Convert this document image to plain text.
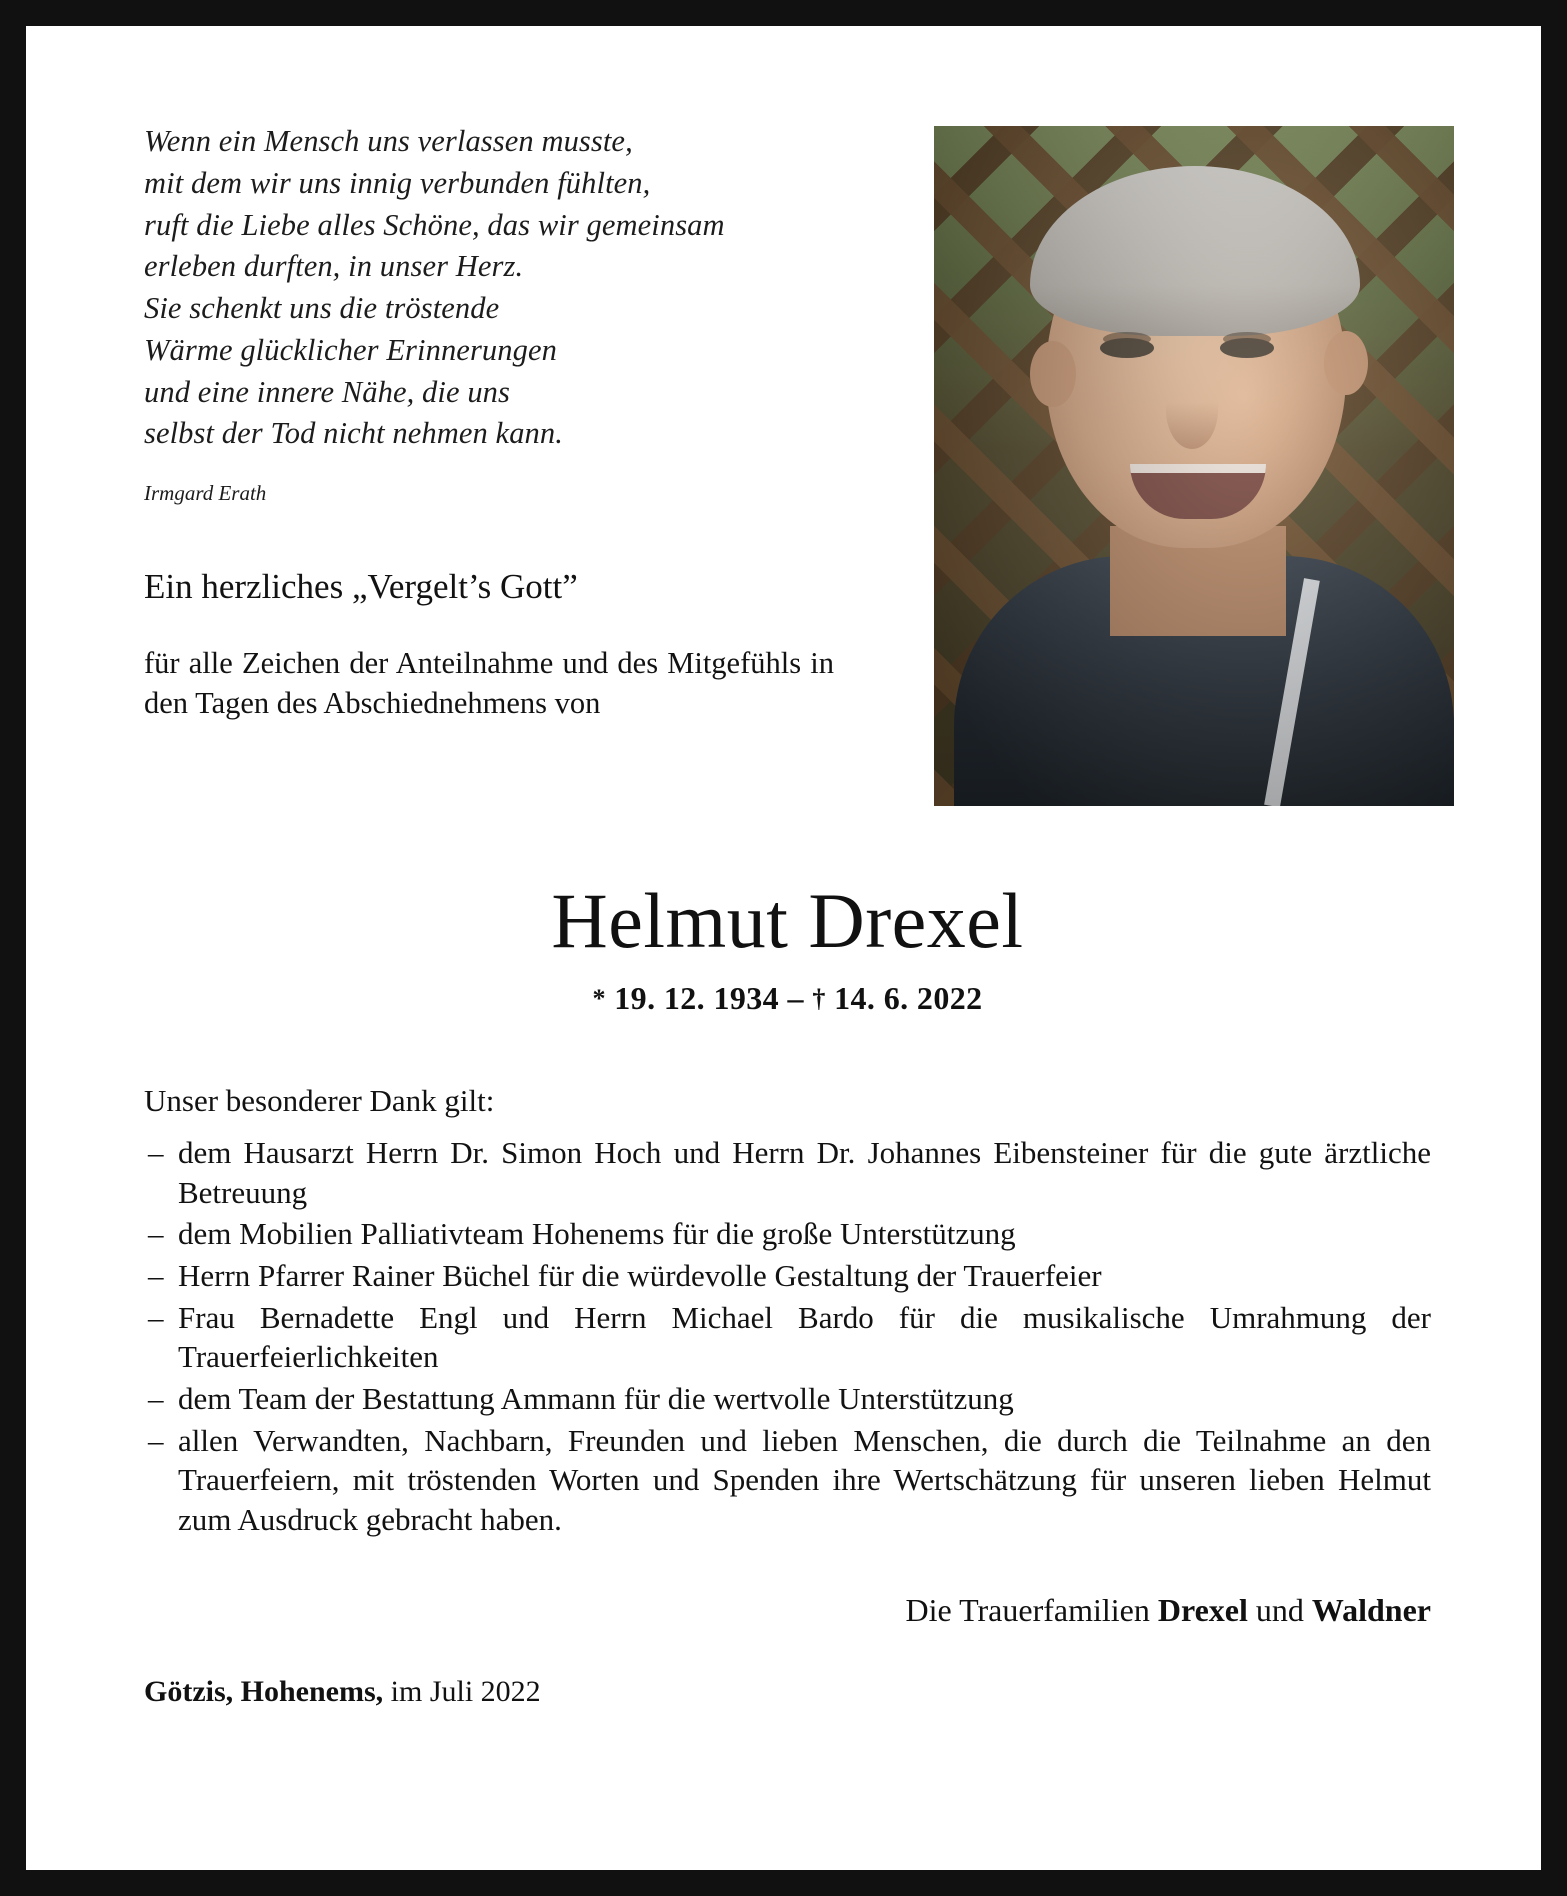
Wenn ein Mensch uns verlassen musste,
mit dem wir uns innig verbunden fühlten,
ruft die Liebe alles Schöne, das wir gemeinsam
erleben durften, in unser Herz.
Sie schenkt uns die tröstende
Wärme glücklicher Erinnerungen
und eine innere Nähe, die uns
selbst der Tod nicht nehmen kann.
Irmgard Erath
Ein herzliches „Vergelt’s Gott”
für alle Zeichen der Anteilnahme und des Mitgefühls in den Tagen des Abschiednehmens von
Helmut Drexel
* 19. 12. 1934 – † 14. 6. 2022
Unser besonderer Dank gilt:
– dem Hausarzt Herrn Dr. Simon Hoch und Herrn Dr. Johannes Eibensteiner für die gute ärztliche Betreuung
– dem Mobilien Palliativteam Hohenems für die große Unterstützung
– Herrn Pfarrer Rainer Büchel für die würdevolle Gestaltung der Trauerfeier
– Frau Bernadette Engl und Herrn Michael Bardo für die musikalische Umrahmung der Trauerfeierlichkeiten
– dem Team der Bestattung Ammann für die wertvolle Unterstützung
– allen Verwandten, Nachbarn, Freunden und lieben Menschen, die durch die Teilnahme an den Trauerfeiern, mit tröstenden Worten und Spenden ihre Wertschätzung für unseren lieben Helmut zum Ausdruck gebracht haben.
Die Trauerfamilien Drexel und Waldner
Götzis, Hohenems, im Juli 2022
